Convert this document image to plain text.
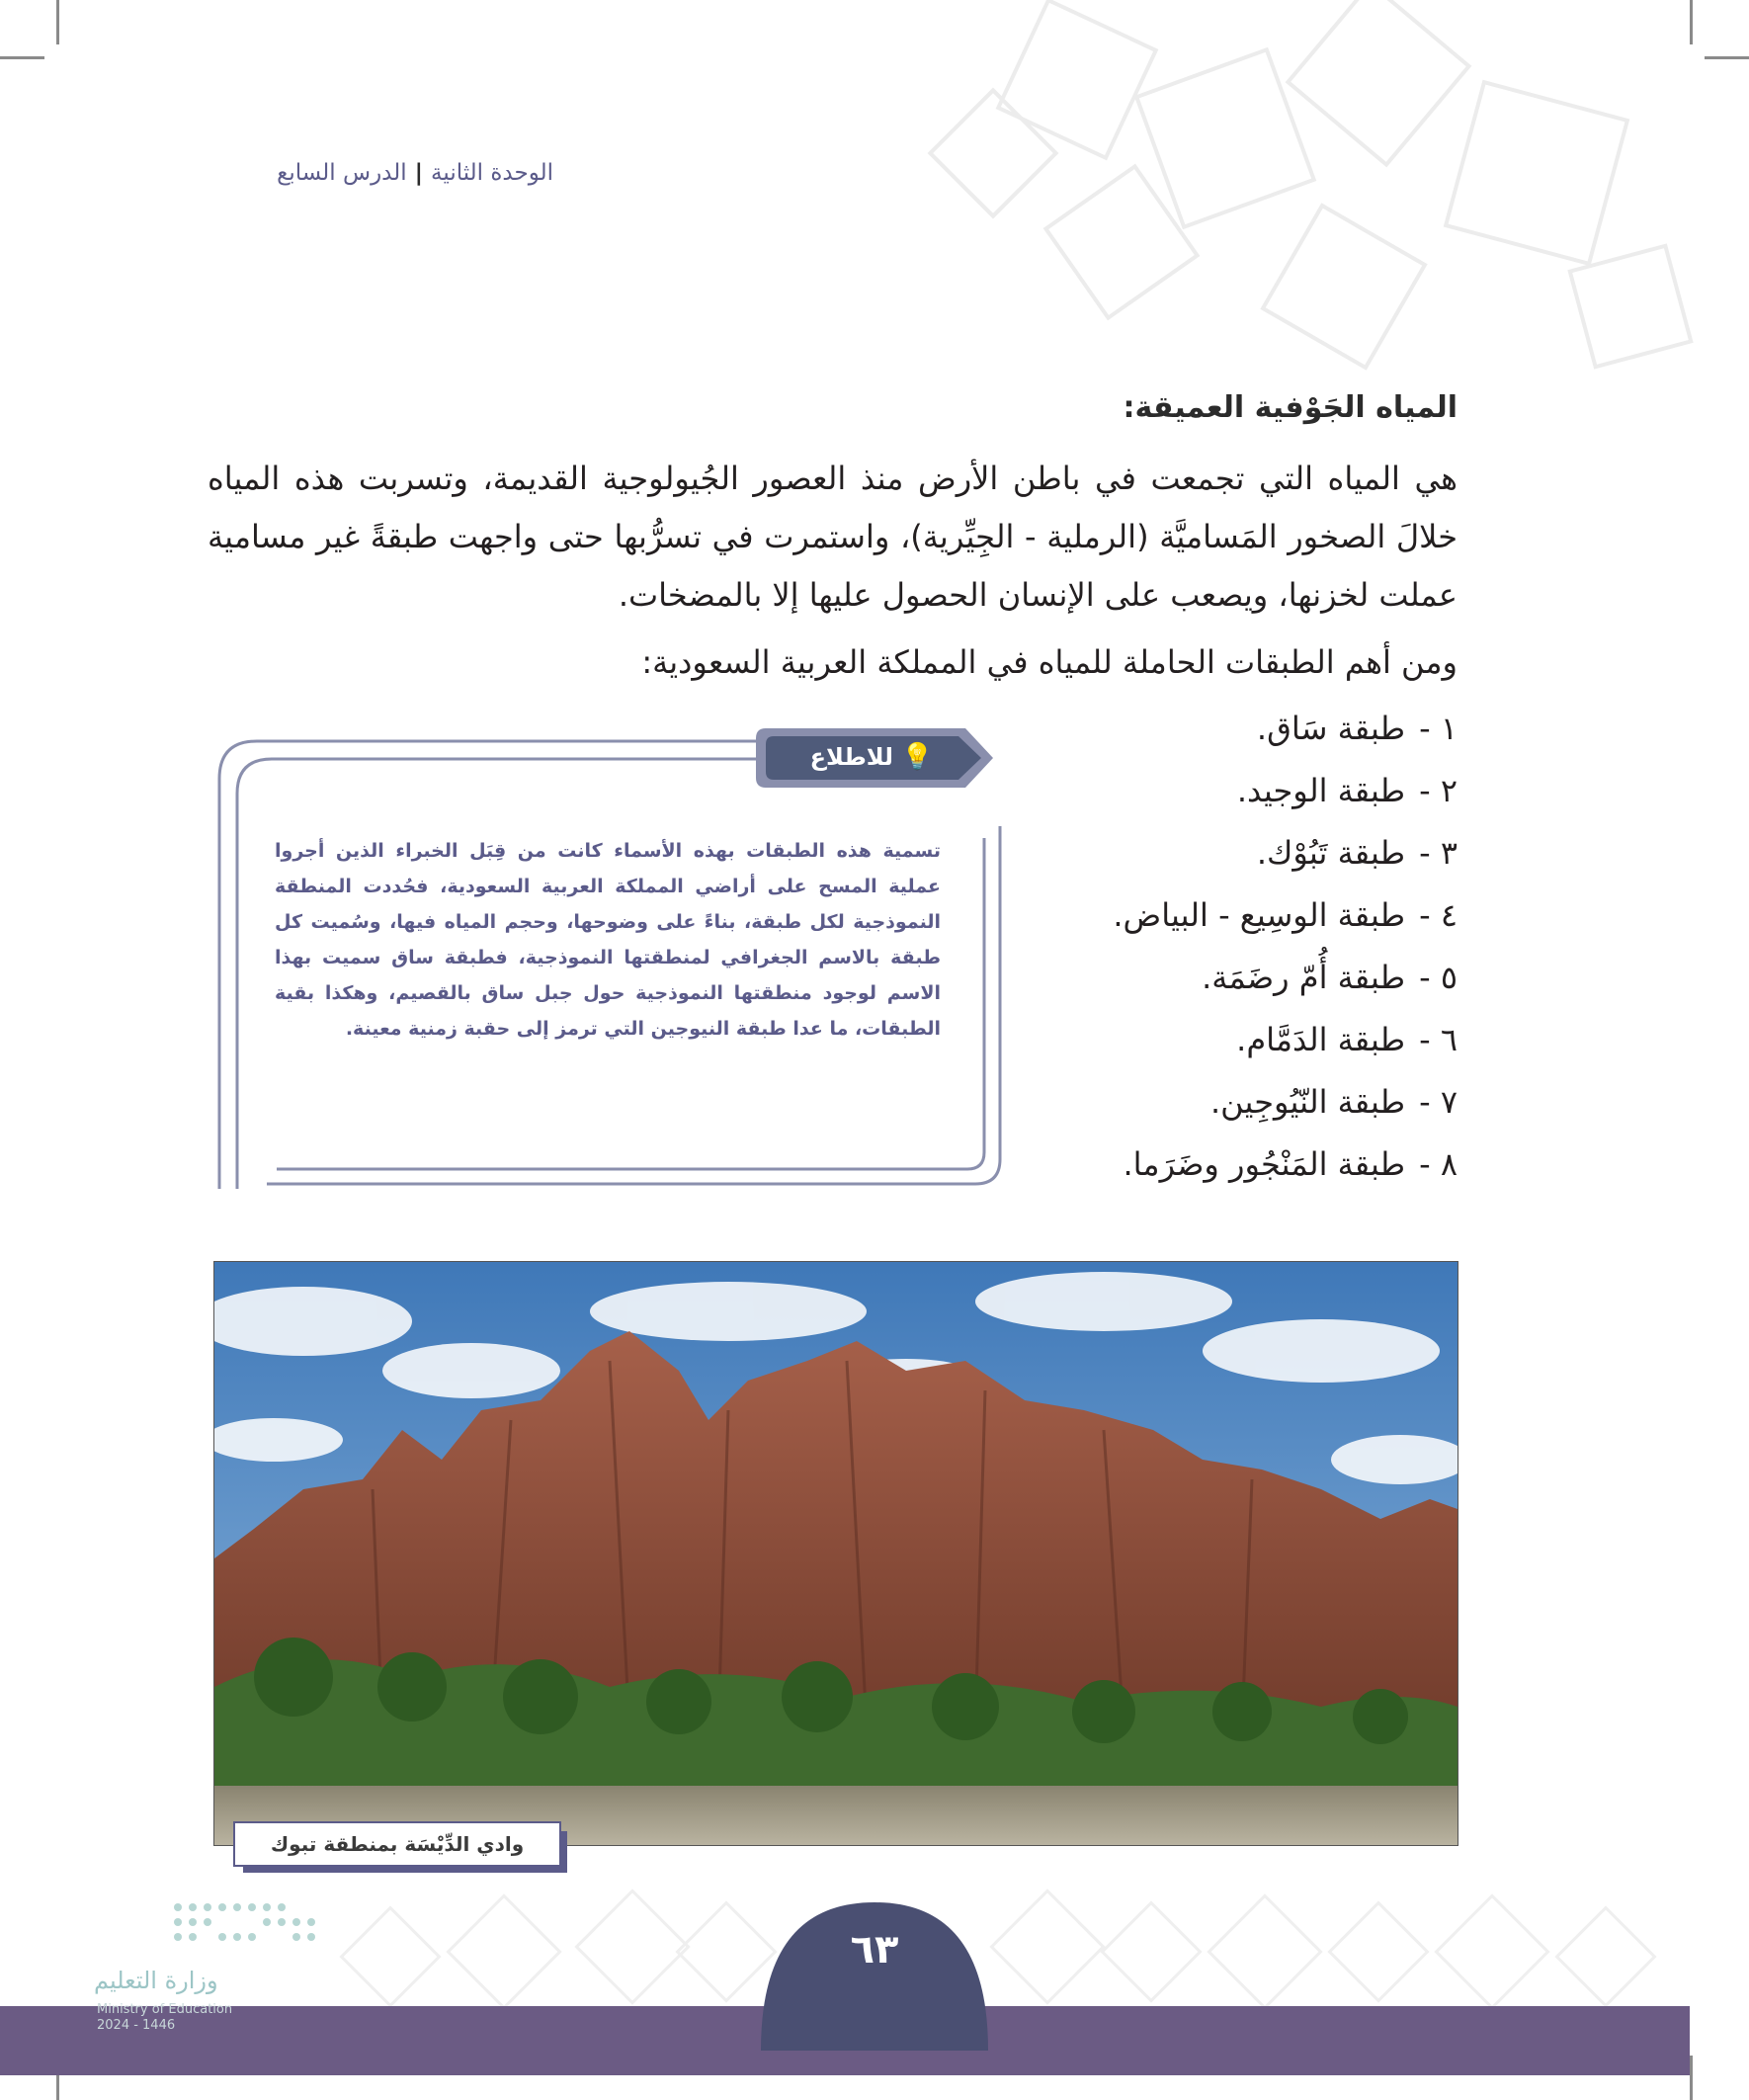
الوحدة الثانية|الدرس السابع
المياه الجَوْفية العميقة:

هي المياه التي تجمعت في باطن الأرض منذ العصور الجُيولوجية القديمة، وتسربت هذه المياه خلالَ الصخور المَساميَّة (الرملية - الجِيِّرية)، واستمرت في تسرُّبها حتى واجهت طبقةً غير مسامية عملت لخزنها، ويصعب على الإنسان الحصول عليها إلا بالمضخات.

ومن أهم الطبقات الحاملة للمياه في المملكة العربية السعودية:
١ -طبقة سَاق.
٢ -طبقة الوجيد.
٣ -طبقة تَبُوْك.
٤ -طبقة الوسِيع - البياض.
٥ -طبقة أُمّ رضَمَة.
٦ -طبقة الدَمَّام.
٧ -طبقة النّيُوجِين.
٨ -طبقة المَنْجُور وضَرَما.
تسمية هذه الطبقات بهذه الأسماء كانت من قِبَل الخبراء الذين أجروا عملية المسح على أراضي المملكة العربية السعودية، فحُددت المنطقة النموذجية لكل طبقة، بناءً على وضوحها، وحجم المياه فيها، وسُميت كل طبقة بالاسم الجغرافي لمنطقتها النموذجية، فطبقة ساق سميت بهذا الاسم لوجود منطقتها النموذجية حول جبل ساق بالقصيم، وهكذا بقية الطبقات، ما عدا طبقة النيوجين التي ترمز إلى حقبة زمنية معينة.
💡للاطلاع
وادي الدِّيْسَة بمنطقة تبوك
٦٣
وزارة التعليم
Ministry of Education
2024 - 1446
